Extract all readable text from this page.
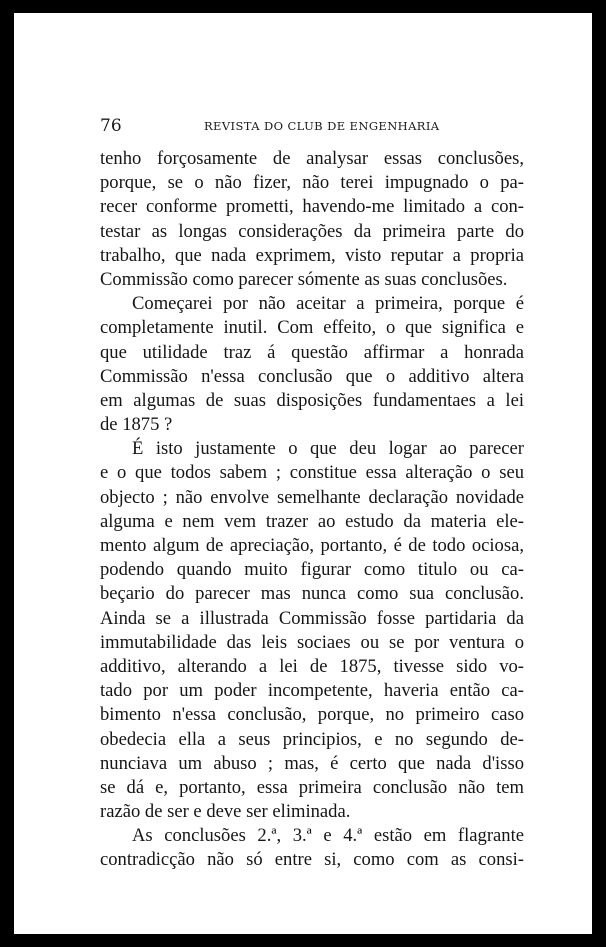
76	REVISTA DO CLUB DE ENGENHARIA
tenho forçosamente de analysar essas conclusões,
porque, se o não fizer, não terei impugnado o pa-
recer conforme prometti, havendo-me limitado a con-
testar as longas considerações da primeira parte do
trabalho, que nada exprimem, visto reputar a propria
Commissão como parecer sómente as suas conclusões.
Começarei por não aceitar a primeira, porque é
completamente inutil. Com effeito, o que significa e
que utilidade traz á questão affirmar a honrada
Commissão n'essa conclusão que o additivo altera
em algumas de suas disposições fundamentaes a lei
de 1875 ?
É isto justamente o que deu logar ao parecer
e o que todos sabem ; constitue essa alteração o seu
objecto ; não envolve semelhante declaração novidade
alguma e nem vem trazer ao estudo da materia ele-
mento algum de apreciação, portanto, é de todo ociosa,
podendo quando muito figurar como titulo ou ca-
beçario do parecer mas nunca como sua conclusão.
Ainda se a illustrada Commissão fosse partidaria da
immutabilidade das leis sociaes ou se por ventura o
additivo, alterando a lei de 1875, tivesse sido vo-
tado por um poder incompetente, haveria então ca-
bimento n'essa conclusão, porque, no primeiro caso
obedecia ella a seus principios, e no segundo de-
nunciava um abuso ; mas, é certo que nada d'isso
se dá e, portanto, essa primeira conclusão não tem
razão de ser e deve ser eliminada.
As conclusões 2.ª, 3.ª e 4.ª estão em flagrante
contradicção não só entre si, como com as consi-
